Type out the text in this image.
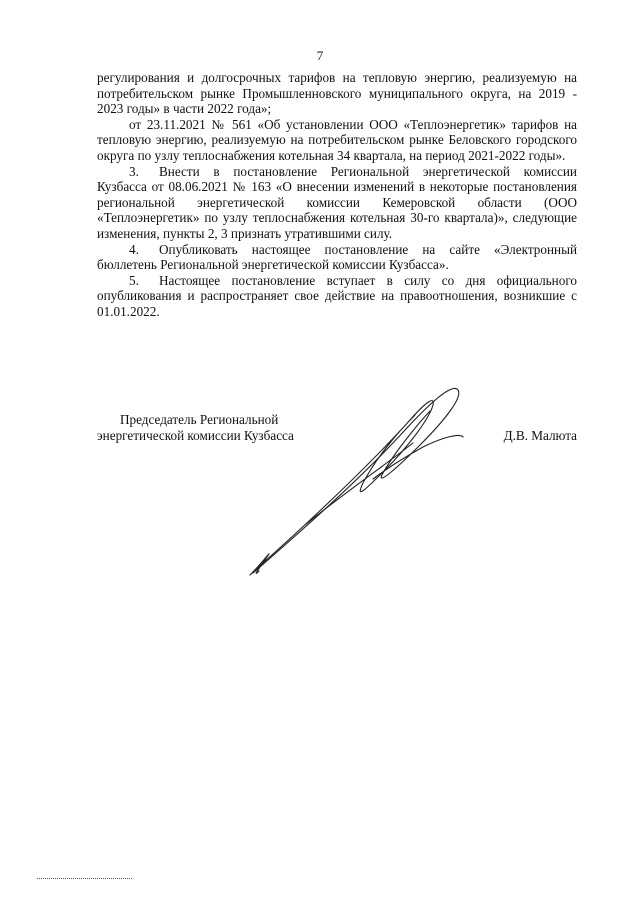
7

регулирования и долгосрочных тарифов на тепловую энергию, реализуемую на потребительском рынке Промышленновского муниципального округа, на 2019 - 2023 годы» в части 2022 года»;

от 23.11.2021 № 561 «Об установлении ООО «Теплоэнергетик» тарифов на тепловую энергию, реализуемую на потребительском рынке Беловского городского округа по узлу теплоснабжения котельная 34 квартала, на период 2021-2022 годы».

3. Внести в постановление Региональной энергетической комиссии Кузбасса от 08.06.2021 № 163 «О внесении изменений в некоторые постановления региональной энергетической комиссии Кемеровской области (ООО «Теплоэнергетик» по узлу теплоснабжения котельная 30-го квартала)», следующие изменения, пункты 2, 3 признать утратившими силу.

4. Опубликовать настоящее постановление на сайте «Электронный бюллетень Региональной энергетической комиссии Кузбасса».

5. Настоящее постановление вступает в силу со дня официального опубликования и распространяет свое действие на правоотношения, возникшие с 01.01.2022.

Председатель Региональной
энергетической комиссии Кузбасса	Д.В. Малюта
